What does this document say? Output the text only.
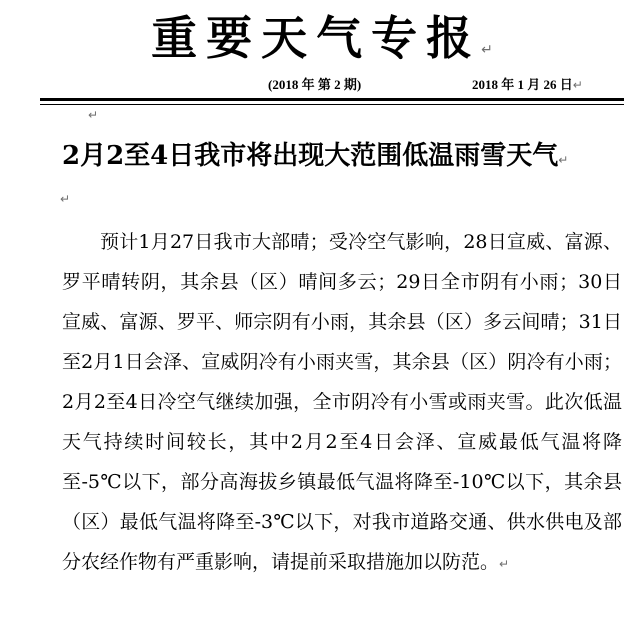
重要天气专报↵
(2018 年 第 2 期)	2018 年 1 月 26 日↵
↵
2月2至4日我市将出现大范围低温雨雪天气↵
↵
预计1月27日我市大部晴；受冷空气影响，28日宣威、富源、罗平晴转阴，其余县（区）晴间多云；29日全市阴有小雨；30日宣威、富源、罗平、师宗阴有小雨，其余县（区）多云间晴；31日至2月1日会泽、宣威阴冷有小雨夹雪，其余县（区）阴冷有小雨；2月2至4日冷空气继续加强，全市阴冷有小雪或雨夹雪。此次低温天气持续时间较长，其中2月2至4日会泽、宣威最低气温将降至-5℃以下，部分高海拔乡镇最低气温将降至-10℃以下，其余县（区）最低气温将降至-3℃以下，对我市道路交通、供水供电及部分农经作物有严重影响，请提前采取措施加以防范。↵
